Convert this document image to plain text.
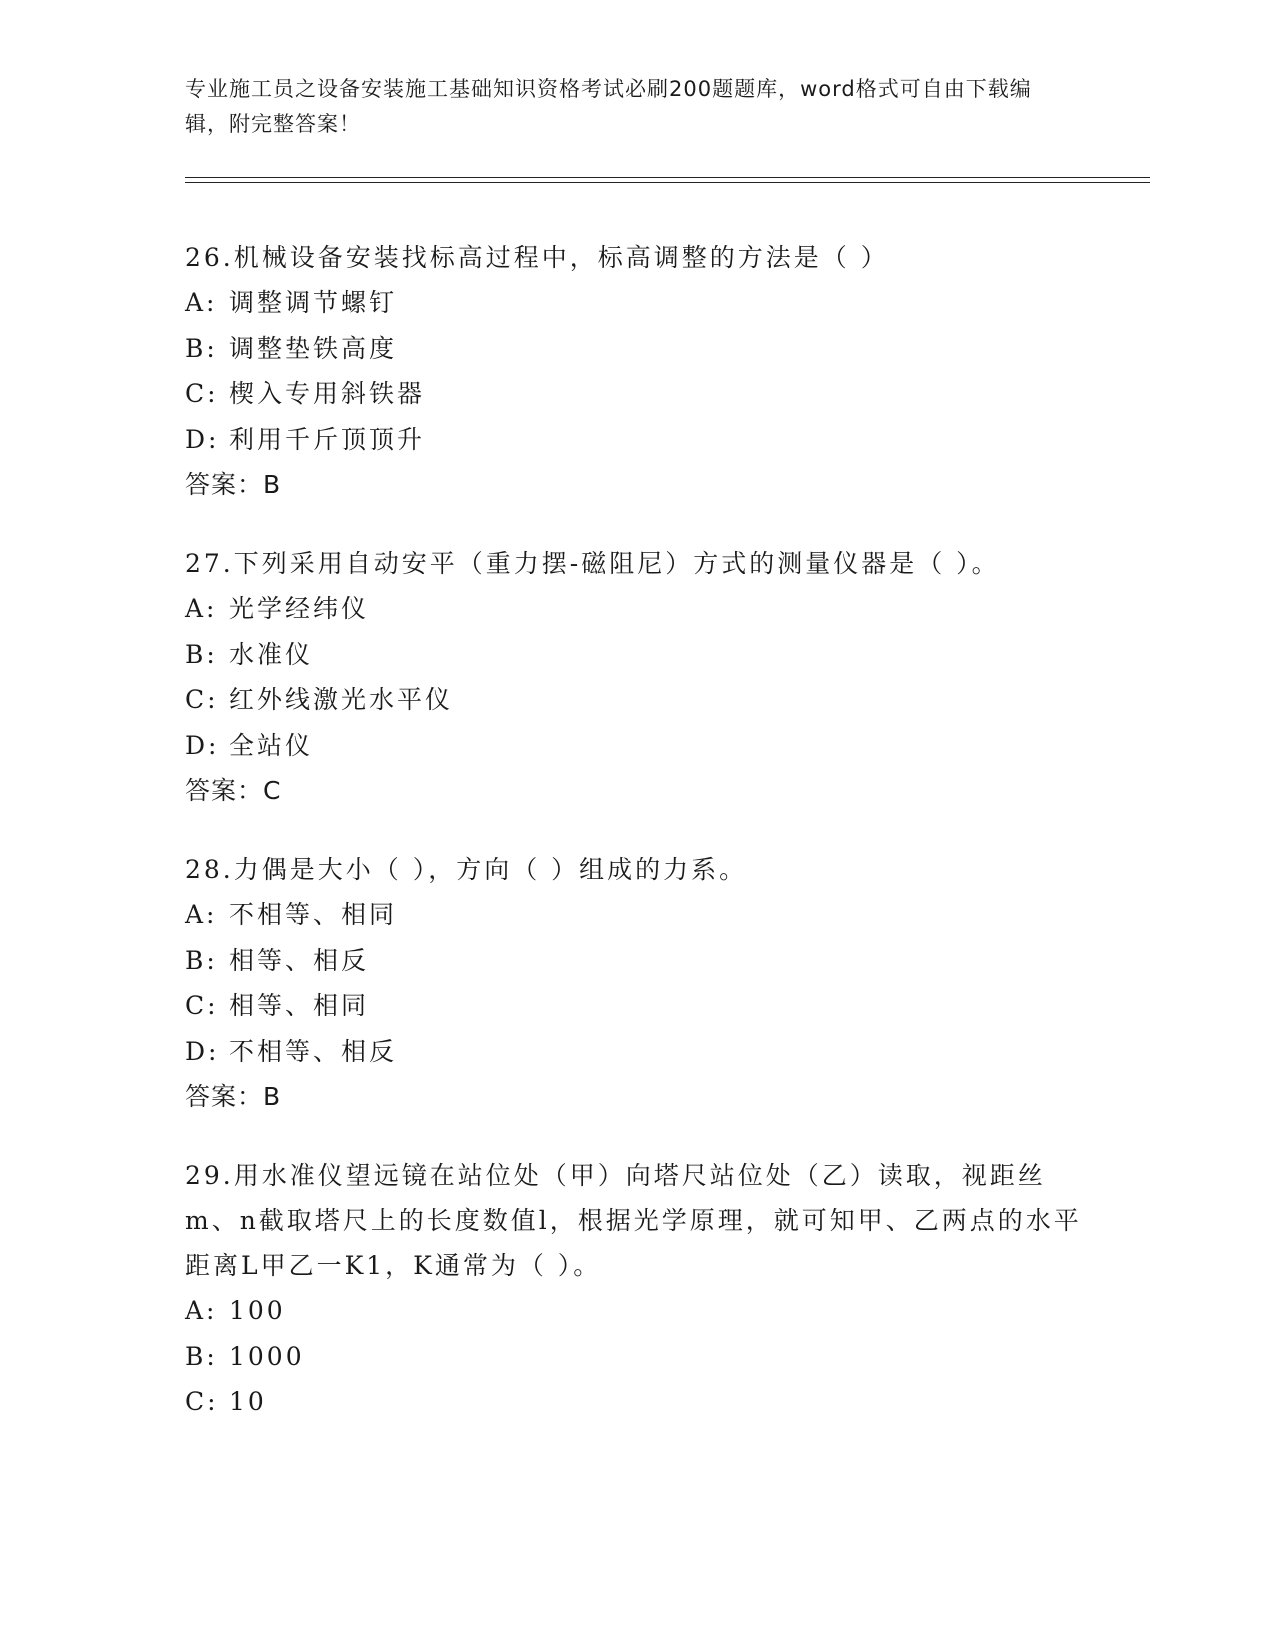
专业施工员之设备安装施工基础知识资格考试必刷200题题库，word格式可自由下载编辑，附完整答案！
26.机械设备安装找标高过程中，标高调整的方法是（ ）
A: 调整调节螺钉
B: 调整垫铁高度
C: 楔入专用斜铁器
D: 利用千斤顶顶升
答案：B
27.下列采用自动安平（重力摆-磁阻尼）方式的测量仪器是（ ）。
A: 光学经纬仪
B: 水准仪
C: 红外线激光水平仪
D: 全站仪
答案：C
28.力偶是大小（ ），方向（ ）组成的力系。
A: 不相等、相同
B: 相等、相反
C: 相等、相同
D: 不相等、相反
答案：B
29.用水准仪望远镜在站位处（甲）向塔尺站位处（乙）读取，视距丝m、n截取塔尺上的长度数值l，根据光学原理，就可知甲、乙两点的水平距离L甲乙一K1，K通常为（ ）。
A: 100
B: 1000
C: 10
